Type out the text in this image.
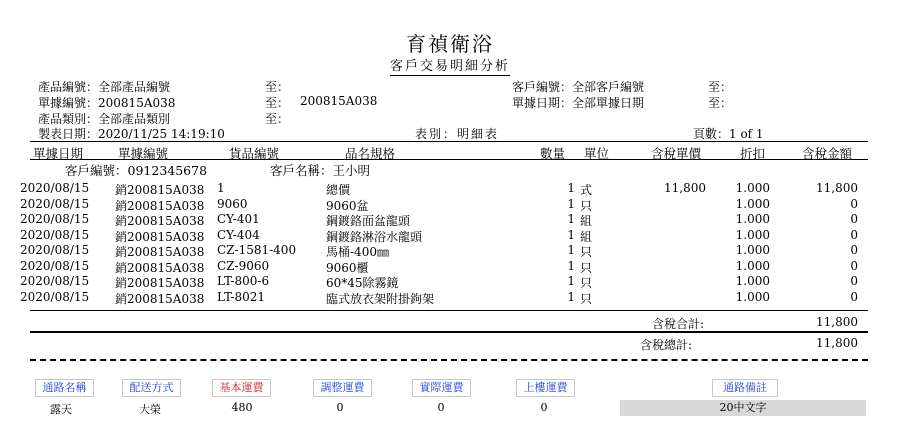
育禎衛浴
客戶交易明細分析
產品編號：全部產品編號	至：	客戶編號：全部客戶編號	至：
單據編號：200815A038	至： 200815A038	單據日期：全部單據日期	至：
產品類別：全部產品類別	至：
製表日期：2020/11/25 14:19:10	表別：明細表	頁數：1 of 1
單據日期	單據編號	貨品編號	品名規格	數量 單位	含稅單價	折扣	含稅金額
客戶編號：0912345678	客戶名稱：王小明
2020/08/15	銷200815A038	1	總價	1 式	11,800	1.000	11,800
2020/08/15	銷200815A038	9060	9060盆	1 只	1.000	0
2020/08/15	銷200815A038	CY-401	鋼鍍鉻面盆龍頭	1 組	1.000	0
2020/08/15	銷200815A038	CY-404	鋼鍍鉻淋浴水龍頭	1 組	1.000	0
2020/08/15	銷200815A038	CZ-1581-400	馬桶-400㎜	1 只	1.000	0
2020/08/15	銷200815A038	CZ-9060	9060櫃	1 只	1.000	0
2020/08/15	銷200815A038	LT-800-6	60*45除霧鏡	1 只	1.000	0
2020/08/15	銷200815A038	LT-8021	臨式放衣架附掛鉤架	1 只	1.000	0
含稅合計:	11,800
含稅總計:	11,800
通路名稱	配送方式	基本運費	調整運費	實際運費	上樓運費	通路備註
露天	大榮	480	0	0	0	20中文字
